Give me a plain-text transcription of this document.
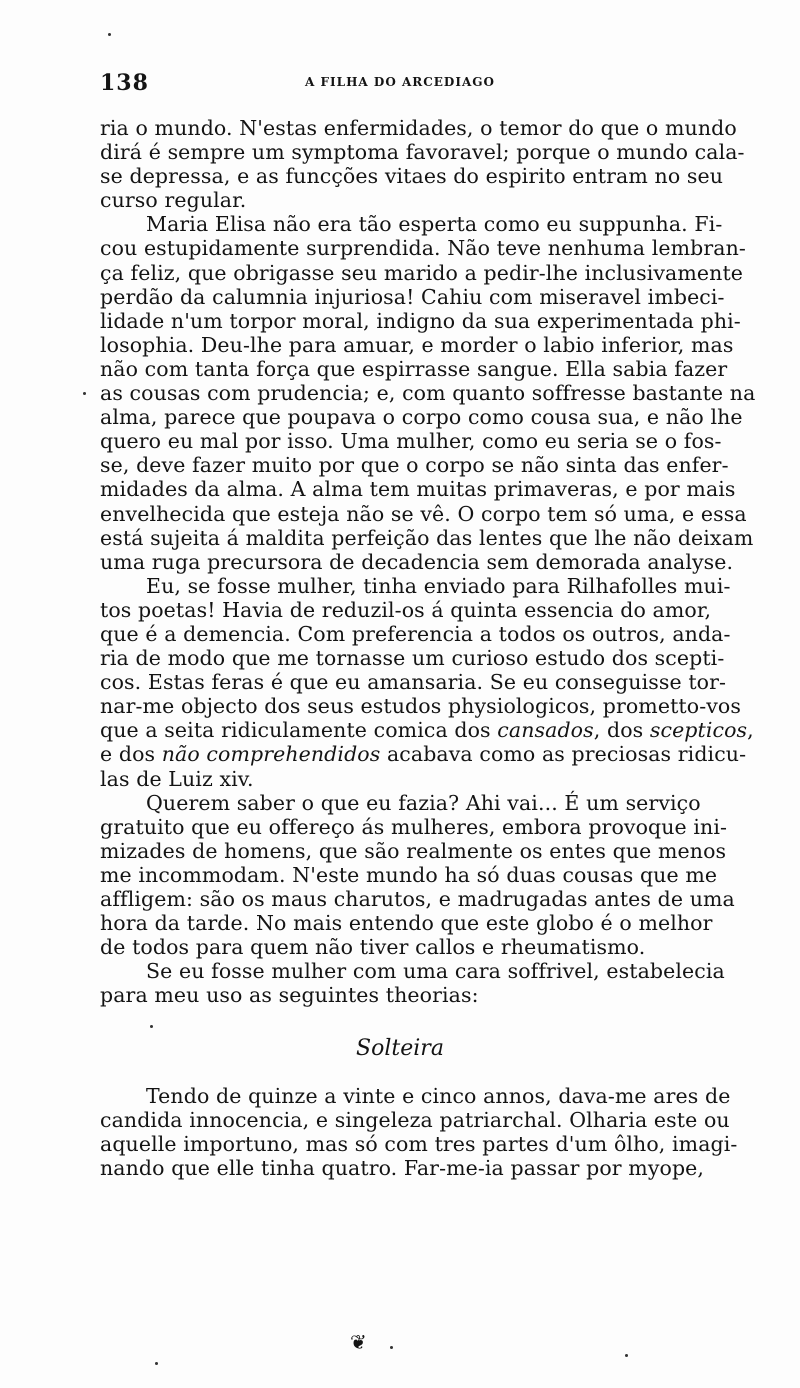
138	A FILHA DO ARCEDIAGO
ria o mundo. N'estas enfermidades, o temor do que o mundo
dirá é sempre um symptoma favoravel; porque o mundo cala-
se depressa, e as funcções vitaes do espirito entram no seu
curso regular.
Maria Elisa não era tão esperta como eu suppunha. Fi-
cou estupidamente surprendida. Não teve nenhuma lembran-
ça feliz, que obrigasse seu marido a pedir-lhe inclusivamente
perdão da calumnia injuriosa! Cahiu com miseravel imbeci-
lidade n'um torpor moral, indigno da sua experimentada phi-
losophia. Deu-lhe para amuar, e morder o labio inferior, mas
não com tanta força que espirrasse sangue. Ella sabia fazer
as cousas com prudencia; e, com quanto soffresse bastante na
alma, parece que poupava o corpo como cousa sua, e não lhe
quero eu mal por isso. Uma mulher, como eu seria se o fos-
se, deve fazer muito por que o corpo se não sinta das enfer-
midades da alma. A alma tem muitas primaveras, e por mais
envelhecida que esteja não se vê. O corpo tem só uma, e essa
está sujeita á maldita perfeição das lentes que lhe não deixam
uma ruga precursora de decadencia sem demorada analyse.
Eu, se fosse mulher, tinha enviado para Rilhafolles mui-
tos poetas! Havia de reduzil-os á quinta essencia do amor,
que é a demencia. Com preferencia a todos os outros, anda-
ria de modo que me tornasse um curioso estudo dos scepti-
cos. Estas feras é que eu amansaria. Se eu conseguisse tor-
nar-me objecto dos seus estudos physiologicos, prometto-vos
que a seita ridiculamente comica dos cansados, dos scepticos,
e dos não comprehendidos acabava como as preciosas ridicu-
las de Luiz xiv.
Querem saber o que eu fazia? Ahi vai... É um serviço
gratuito que eu offereço ás mulheres, embora provoque ini-
mizades de homens, que são realmente os entes que menos
me incommodam. N'este mundo ha só duas cousas que me
affligem: são os maus charutos, e madrugadas antes de uma
hora da tarde. No mais entendo que este globo é o melhor
de todos para quem não tiver callos e rheumatismo.
Se eu fosse mulher com uma cara soffrivel, estabelecia
para meu uso as seguintes theorias:
Solteira
Tendo de quinze a vinte e cinco annos, dava-me ares de
candida innocencia, e singeleza patriarchal. Olharia este ou
aquelle importuno, mas só com tres partes d'um ôlho, imagi-
nando que elle tinha quatro. Far-me-ia passar por myope,
❦
